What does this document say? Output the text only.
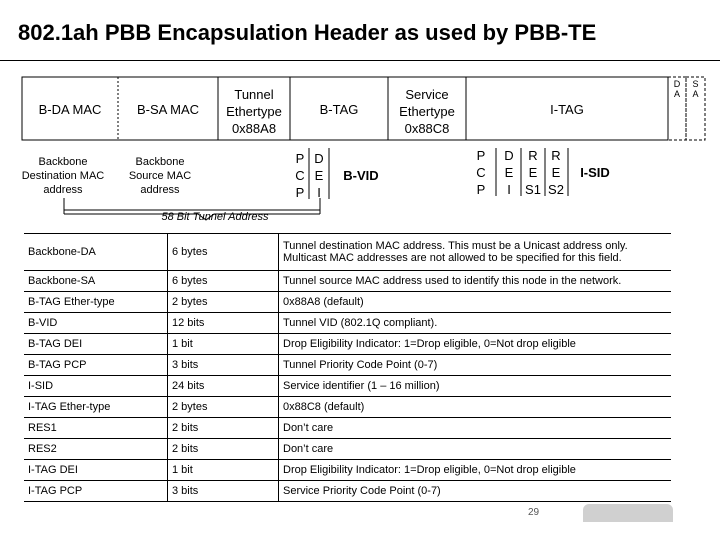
802.1ah PBB Encapsulation Header as used by PBB-TE
B-DA MAC	B-SA MAC
Tunnel
Ethertype
0x88A8
B-TAG
Service
Ethertype
0x88C8
I-TAG
D
A
S
A
Backbone
Destination MAC
address
Backbone
Source MAC
address
P
C
P
D
E
I
B-VID
P
C
P
D
E
I
R
E
S1
R
E
S2
I-SID
58 Bit Tunnel Address
Backbone-DA	6 bytes	Tunnel destination MAC address. This must be a Unicast address only.
Multicast MAC addresses are not allowed to be specified for this field.

Backbone-SA	6 bytes	Tunnel source MAC address used to identify this node in the network.

B-TAG Ether-type	2 bytes	0x88A8 (default)

B-VID	12 bits	Tunnel VID (802.1Q compliant).

B-TAG DEI	1 bit	Drop Eligibility Indicator: 1=Drop eligible, 0=Not drop eligible

B-TAG PCP	3 bits	Tunnel Priority Code Point (0-7)

I-SID	24 bits	Service identifier (1 – 16 million)

I-TAG Ether-type	2 bytes	0x88C8 (default)

RES1	2 bits	Don’t care

RES2	2 bits	Don’t care

I-TAG DEI	1 bit	Drop Eligibility Indicator: 1=Drop eligible, 0=Not drop eligible

I-TAG PCP	3 bits	Service Priority Code Point (0-7)
29
